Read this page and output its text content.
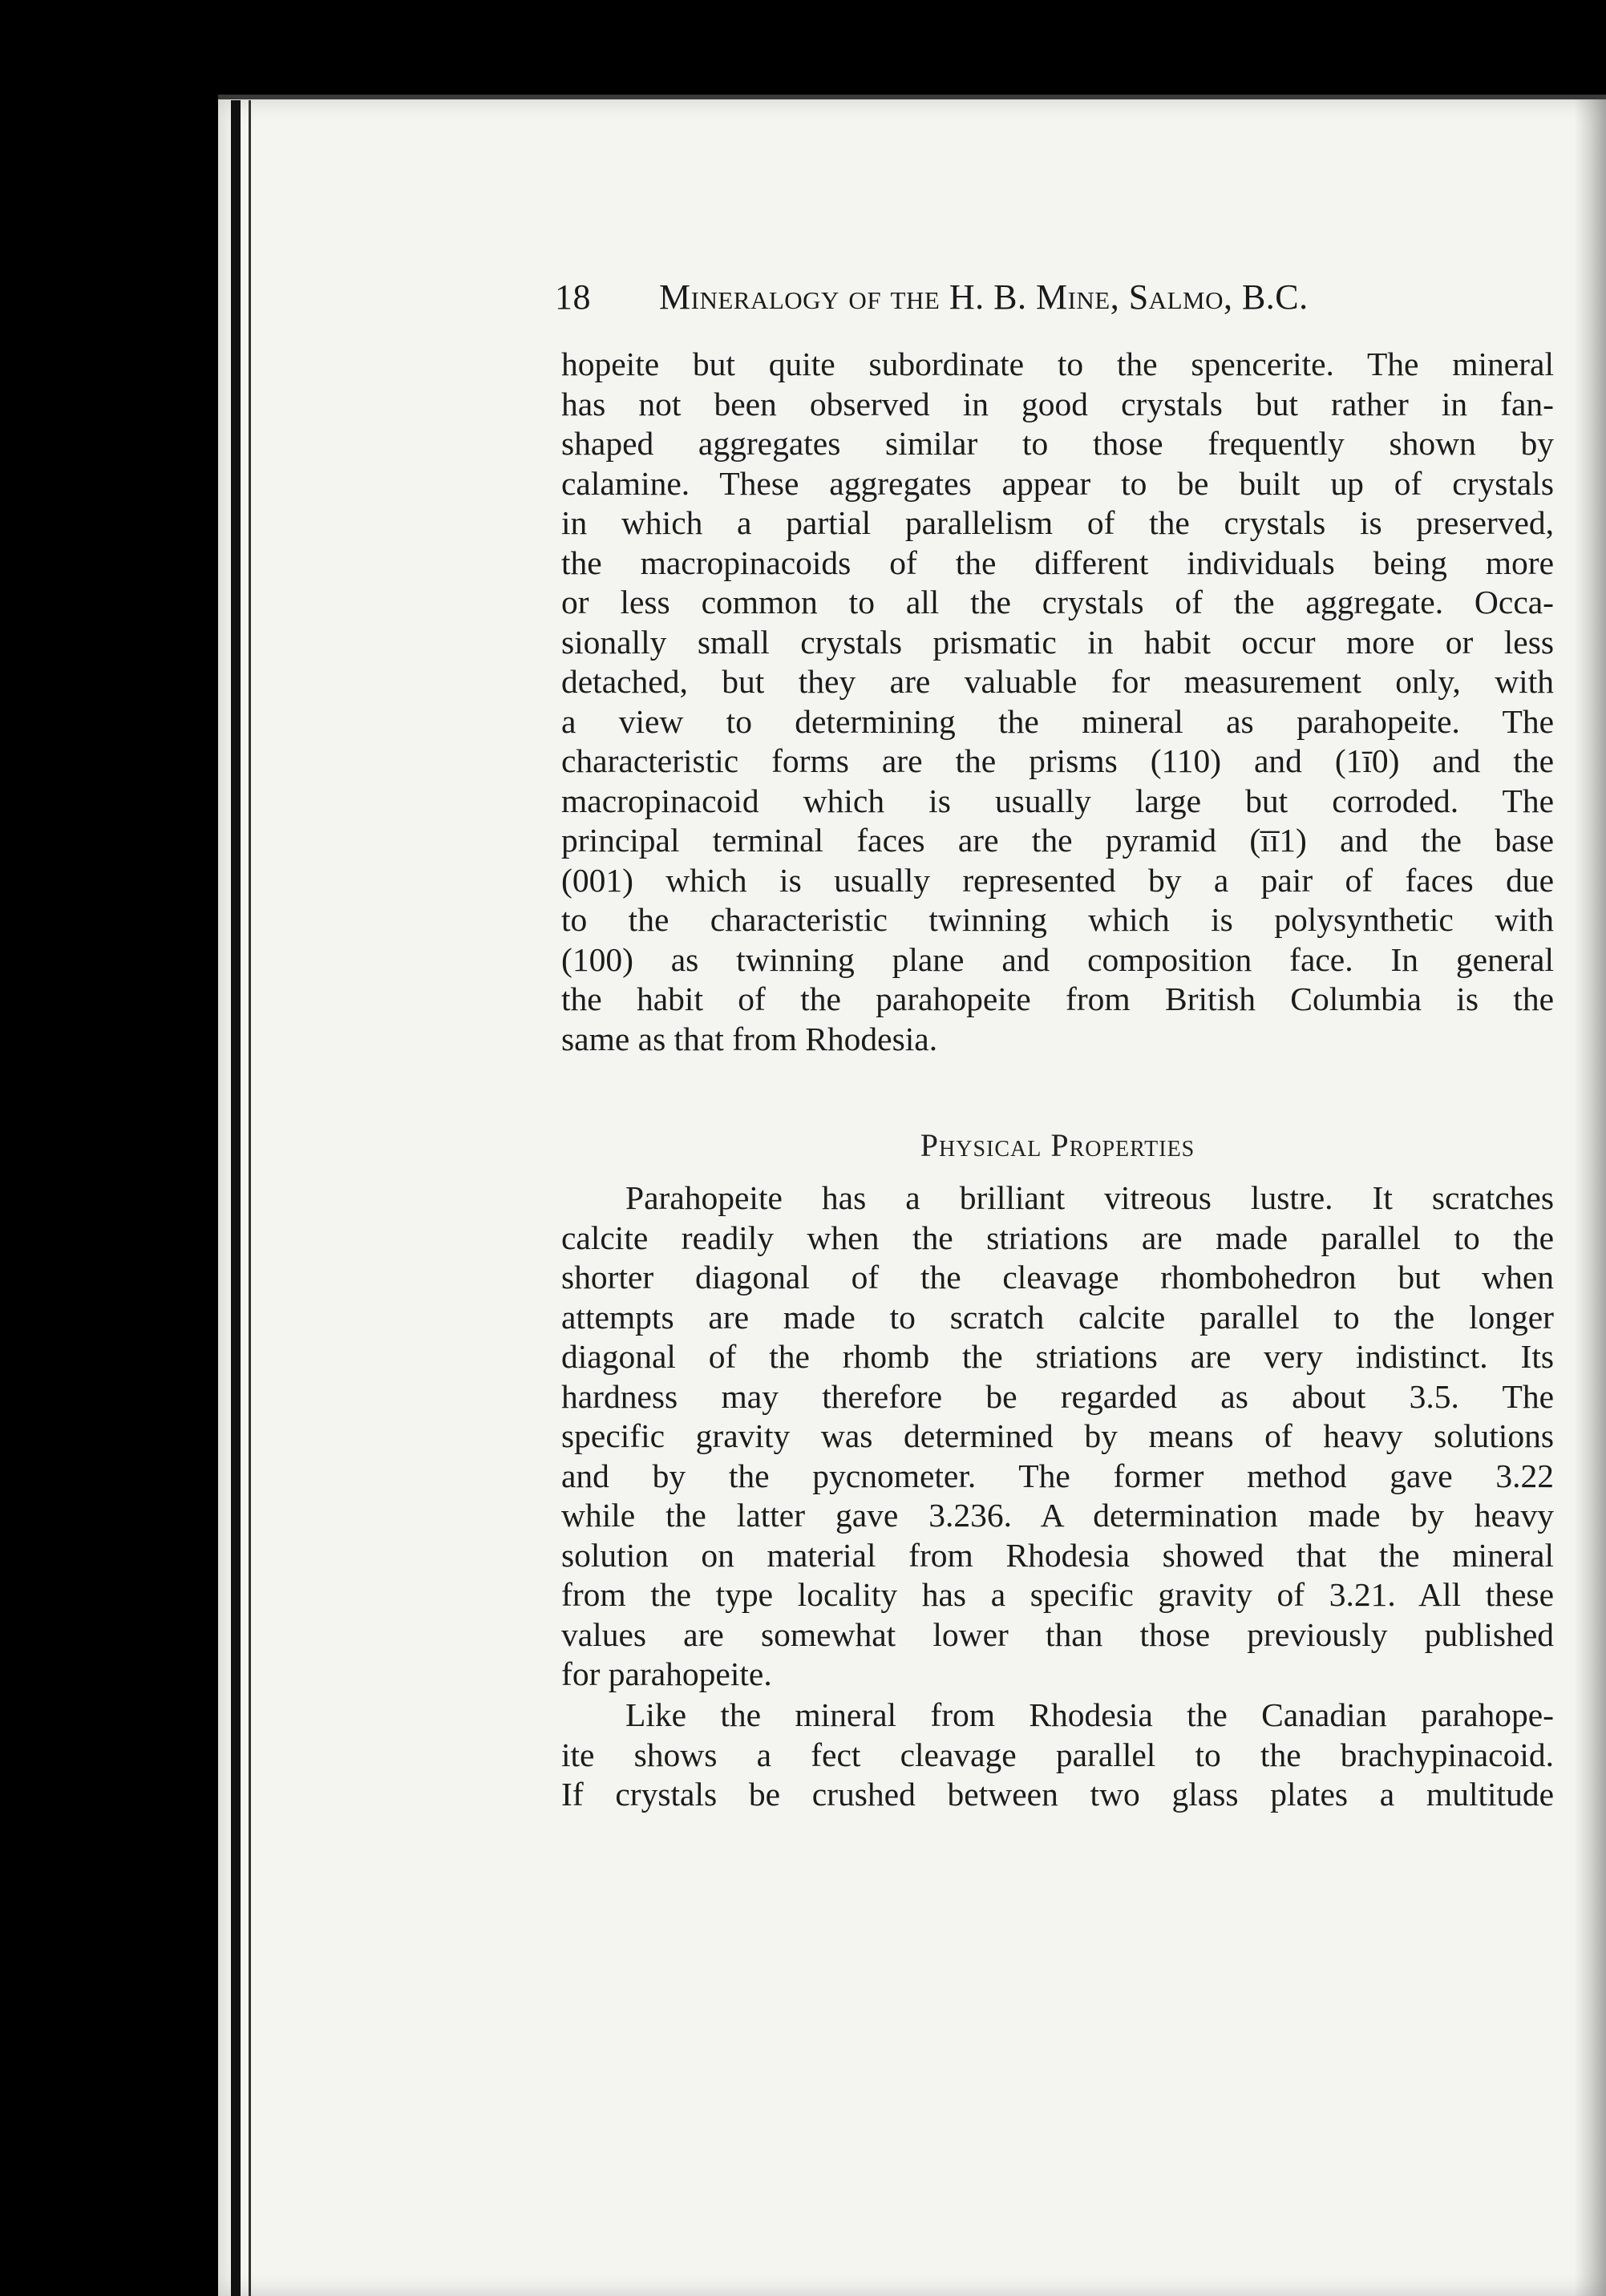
18 Mineralogy of the H. B. Mine, Salmo, B.C.
hopeite but quite subordinate to the spencerite. The mineral
has not been observed in good crystals but rather in fan-
shaped aggregates similar to those frequently shown by
calamine. These aggregates appear to be built up of crystals
in which a partial parallelism of the crystals is preserved,
the macropinacoids of the different individuals being more
or less common to all the crystals of the aggregate. Occa-
sionally small crystals prismatic in habit occur more or less
detached, but they are valuable for measurement only, with
a view to determining the mineral as parahopeite. The
characteristic forms are the prisms (110) and (1ī0) and the
macropinacoid which is usually large but corroded. The
principal terminal faces are the pyramid (īī1) and the base
(001) which is usually represented by a pair of faces due
to the characteristic twinning which is polysynthetic with
(100) as twinning plane and composition face. In general
the habit of the parahopeite from British Columbia is the
same as that from Rhodesia.
Physical Properties
Parahopeite has a brilliant vitreous lustre. It scratches
calcite readily when the striations are made parallel to the
shorter diagonal of the cleavage rhombohedron but when
attempts are made to scratch calcite parallel to the longer
diagonal of the rhomb the striations are very indistinct. Its
hardness may therefore be regarded as about 3.5. The
specific gravity was determined by means of heavy solutions
and by the pycnometer. The former method gave 3.22
while the latter gave 3.236. A determination made by heavy
solution on material from Rhodesia showed that the mineral
from the type locality has a specific gravity of 3.21. All these
values are somewhat lower than those previously published
for parahopeite.
Like the mineral from Rhodesia the Canadian parahope-
ite shows a fect cleavage parallel to the brachypinacoid.
If crystals be crushed between two glass plates a multitude
